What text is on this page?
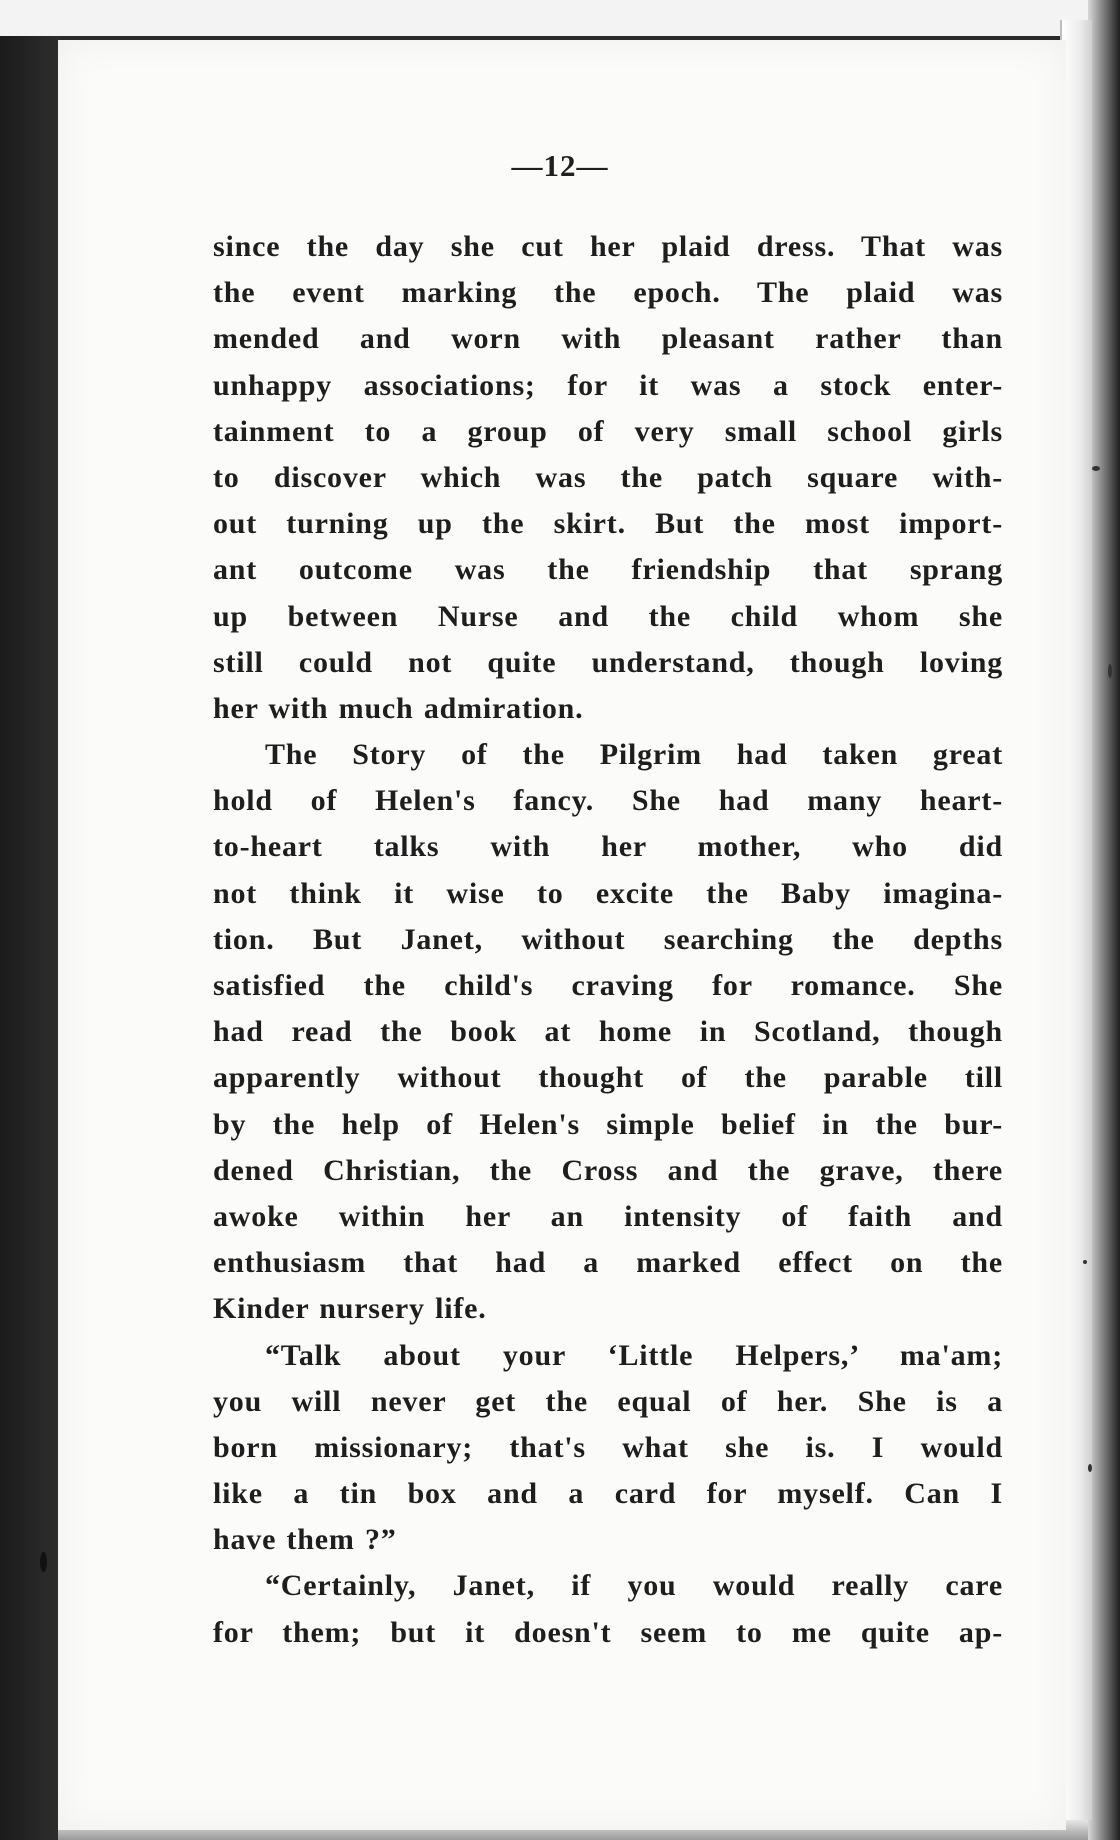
—12—
since the day she cut her plaid dress. That was
the event marking the epoch. The plaid was
mended and worn with pleasant rather than
unhappy associations; for it was a stock enter-
tainment to a group of very small school girls
to discover which was the patch square with-
out turning up the skirt. But the most import-
ant outcome was the friendship that sprang
up between Nurse and the child whom she
still could not quite understand, though loving
her with much admiration.
The Story of the Pilgrim had taken great
hold of Helen's fancy. She had many heart-
to-heart talks with her mother, who did
not think it wise to excite the Baby imagina-
tion. But Janet, without searching the depths
satisfied the child's craving for romance. She
had read the book at home in Scotland, though
apparently without thought of the parable till
by the help of Helen's simple belief in the bur-
dened Christian, the Cross and the grave, there
awoke within her an intensity of faith and
enthusiasm that had a marked effect on the
Kinder nursery life.
“Talk about your ‘Little Helpers,’ ma'am;
you will never get the equal of her. She is a
born missionary; that's what she is. I would
like a tin box and a card for myself. Can I
have them ?”
“Certainly, Janet, if you would really care
for them; but it doesn't seem to me quite ap-
